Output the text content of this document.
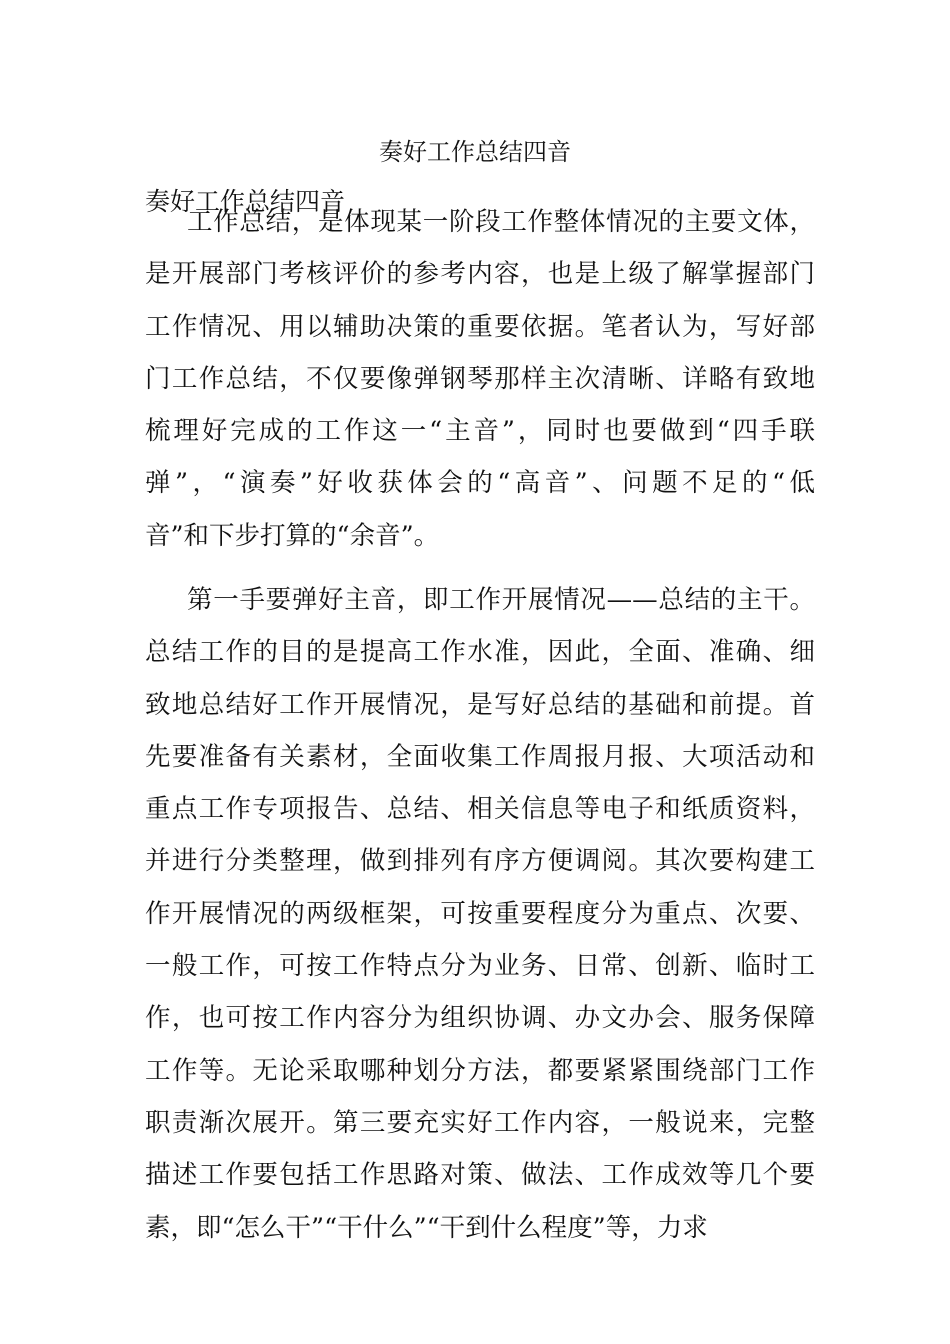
奏好工作总结四音
奏好工作总结四音
工作总结，是体现某一阶段工作整体情况的主要文体，
是开展部门考核评价的参考内容，也是上级了解掌握部门
工作情况、用以辅助决策的重要依据。笔者认为，写好部
门工作总结，不仅要像弹钢琴那样主次清晰、详略有致地
梳理好完成的工作这一“主音”，同时也要做到“四手联
弹”，“演奏”好收获体会的“高音”、问题不足的“低
音”和下步打算的“余音”。
第一手要弹好主音，即工作开展情况——总结的主干。
总结工作的目的是提高工作水准，因此，全面、准确、细
致地总结好工作开展情况，是写好总结的基础和前提。首
先要准备有关素材，全面收集工作周报月报、大项活动和
重点工作专项报告、总结、相关信息等电子和纸质资料，
并进行分类整理，做到排列有序方便调阅。其次要构建工
作开展情况的两级框架，可按重要程度分为重点、次要、
一般工作，可按工作特点分为业务、日常、创新、临时工
作，也可按工作内容分为组织协调、办文办会、服务保障
工作等。无论采取哪种划分方法，都要紧紧围绕部门工作
职责渐次展开。第三要充实好工作内容，一般说来，完整
描述工作要包括工作思路对策、做法、工作成效等几个要
素，即“怎么干”“干什么”“干到什么程度”等，力求
